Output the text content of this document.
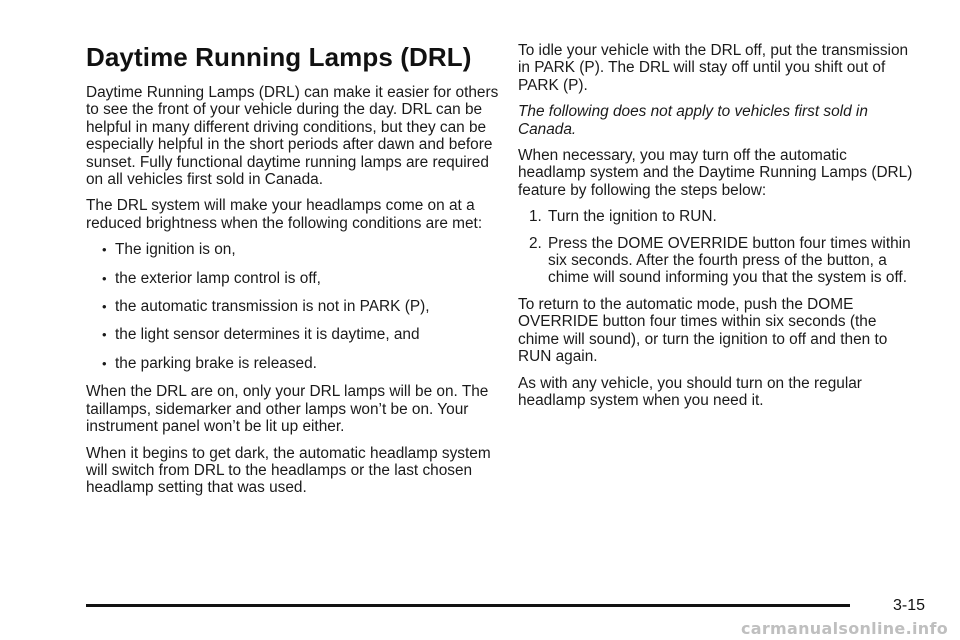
Daytime Running Lamps (DRL)

Daytime Running Lamps (DRL) can make it easier for others to see the front of your vehicle during the day. DRL can be helpful in many different driving conditions, but they can be especially helpful in the short periods after dawn and before sunset. Fully functional daytime running lamps are required on all vehicles first sold in Canada.

The DRL system will make your headlamps come on at a reduced brightness when the following conditions are met:

• The ignition is on,
• the exterior lamp control is off,
• the automatic transmission is not in PARK (P),
• the light sensor determines it is daytime, and
• the parking brake is released.

When the DRL are on, only your DRL lamps will be on. The taillamps, sidemarker and other lamps won’t be on. Your instrument panel won’t be lit up either.

When it begins to get dark, the automatic headlamp system will switch from DRL to the headlamps or the last chosen headlamp setting that was used.

To idle your vehicle with the DRL off, put the transmission in PARK (P). The DRL will stay off until you shift out of PARK (P).

The following does not apply to vehicles first sold in Canada.

When necessary, you may turn off the automatic headlamp system and the Daytime Running Lamps (DRL) feature by following the steps below:

1. Turn the ignition to RUN.
2. Press the DOME OVERRIDE button four times within six seconds. After the fourth press of the button, a chime will sound informing you that the system is off.

To return to the automatic mode, push the DOME OVERRIDE button four times within six seconds (the chime will sound), or turn the ignition to off and then to RUN again.

As with any vehicle, you should turn on the regular headlamp system when you need it.

3-15
carmanualsonline.info
